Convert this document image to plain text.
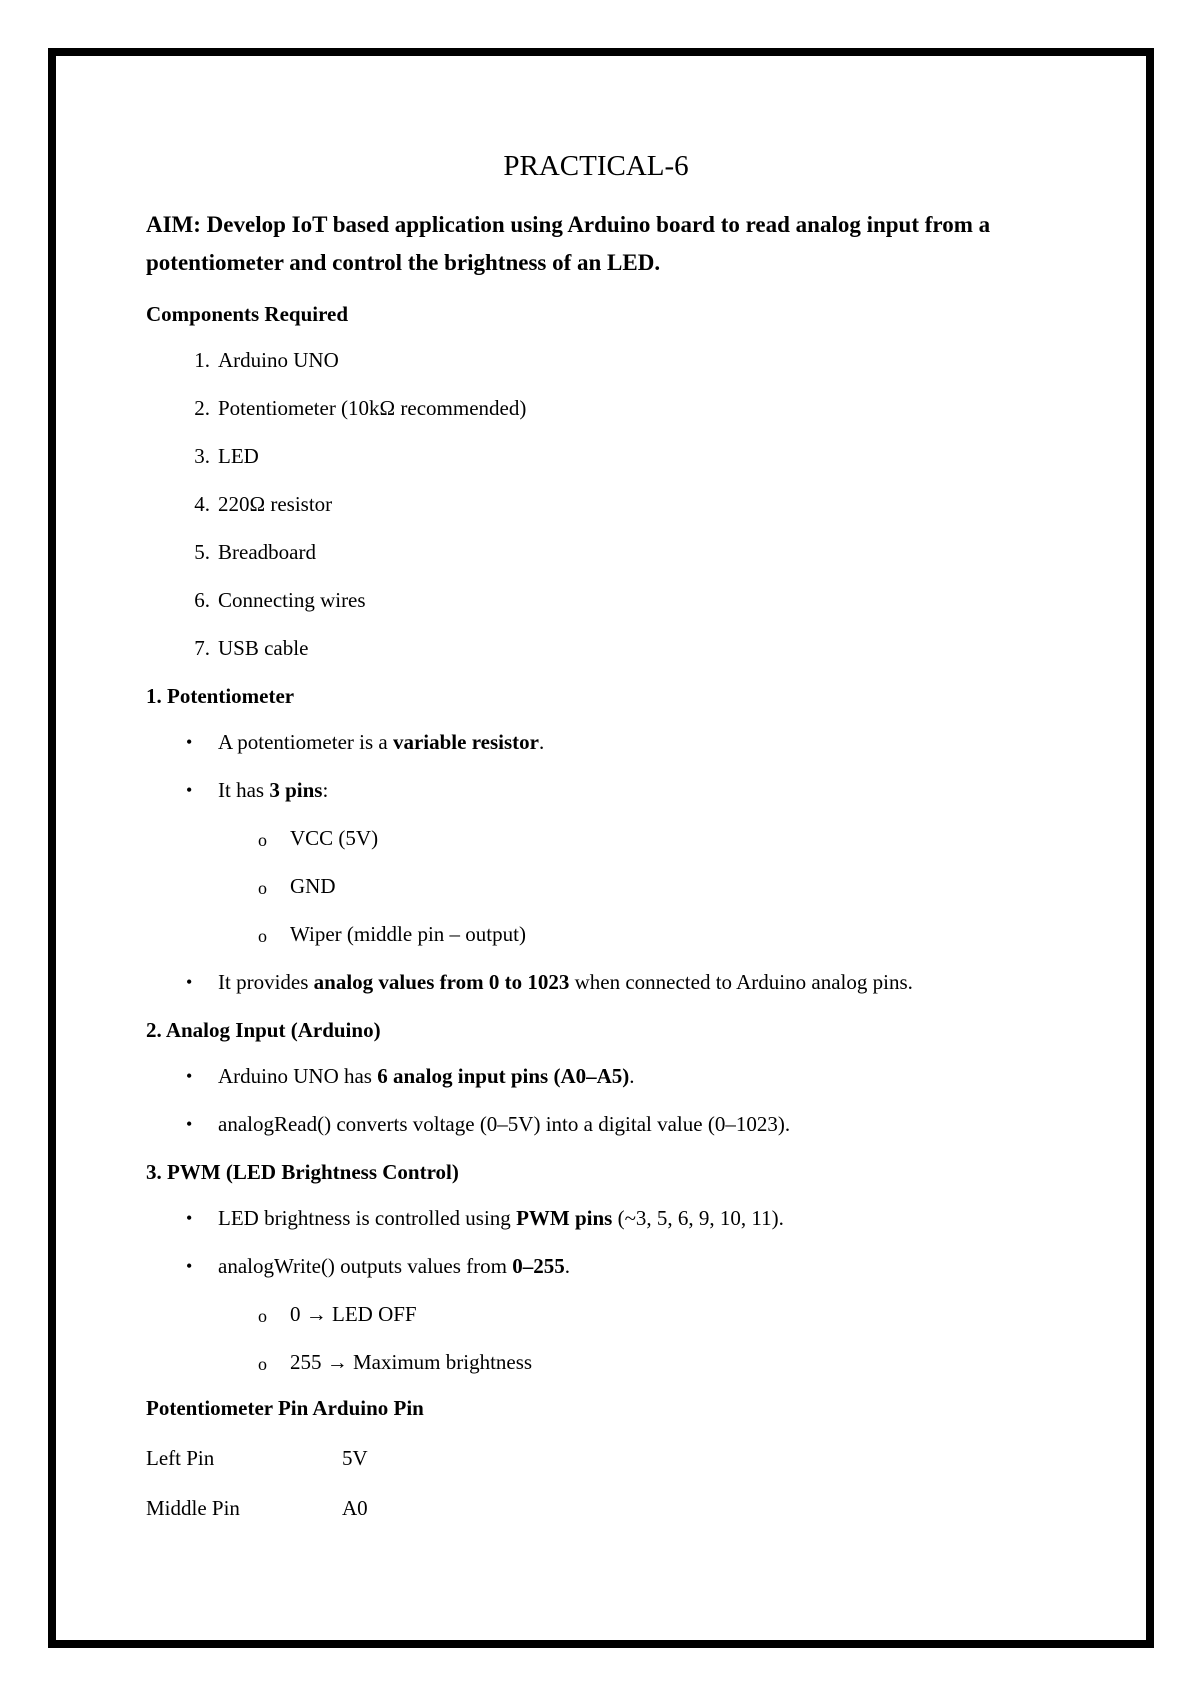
PRACTICAL-6

AIM: Develop IoT based application using Arduino board to read analog input from a potentiometer and control the brightness of an LED.

Components Required
1. Arduino UNO
2. Potentiometer (10kΩ recommended)
3. LED
4. 220Ω resistor
5. Breadboard
6. Connecting wires
7. USB cable
1. Potentiometer
• A potentiometer is a variable resistor.
• It has 3 pins:
o VCC (5V)
o GND
o Wiper (middle pin – output)
• It provides analog values from 0 to 1023 when connected to Arduino analog pins.
2. Analog Input (Arduino)
• Arduino UNO has 6 analog input pins (A0–A5).
• analogRead() converts voltage (0–5V) into a digital value (0–1023).
3. PWM (LED Brightness Control)
• LED brightness is controlled using PWM pins (~3, 5, 6, 9, 10, 11).
• analogWrite() outputs values from 0–255.
o 0 → LED OFF
o 255 → Maximum brightness
Potentiometer Pin Arduino Pin
Left Pin	5V
Middle Pin	A0
